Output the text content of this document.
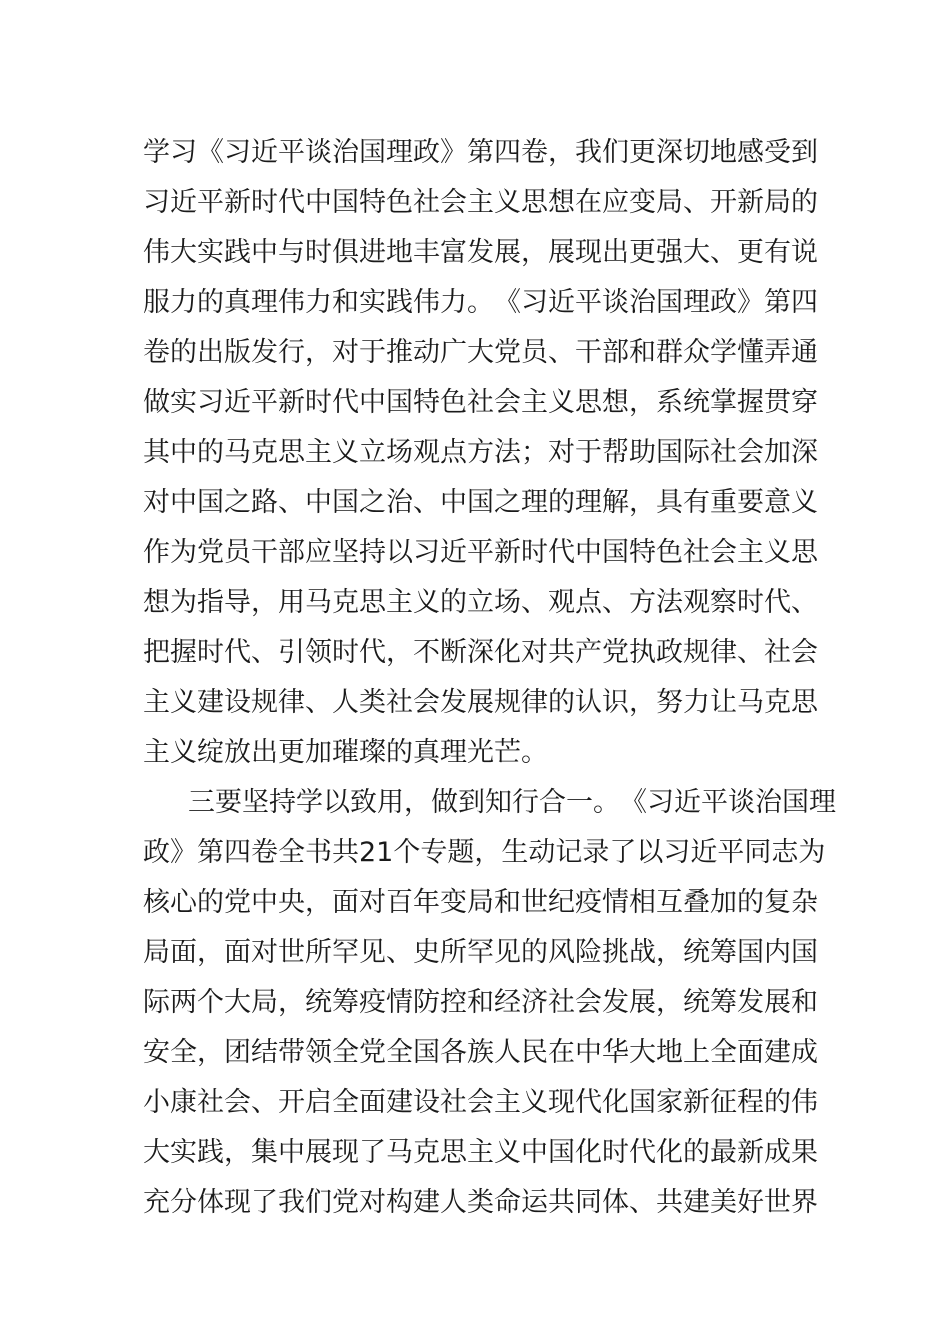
学 习 《 习 近 平 谈 治 国 理 政 》 第 四 卷 ， 我 们 更 深 切 地 感 受 到
习 近 平 新 时 代 中 国 特 色 社 会 主 义 思 想 在 应 变 局 、 开 新 局 的
伟 大 实 践 中 与 时 俱 进 地 丰 富 发 展 ， 展 现 出 更 强 大 、 更 有 说
服 力 的 真 理 伟 力 和 实 践 伟 力 。 《 习 近 平 谈 治 国 理 政 》 第 四
卷 的 出 版 发 行 ， 对 于 推 动 广 大 党 员 、 干 部 和 群 众 学 懂 弄 通
做 实 习 近 平 新 时 代 中 国 特 色 社 会 主 义 思 想 ， 系 统 掌 握 贯 穿
其 中 的 马 克 思 主 义 立 场 观 点 方 法 ； 对 于 帮 助 国 际 社 会 加 深
对 中 国 之 路 、 中 国 之 治 、 中 国 之 理 的 理 解 ， 具 有 重 要 意 义
作 为 党 员 干 部 应 坚 持 以 习 近 平 新 时 代 中 国 特 色 社 会 主 义 思
想 为 指 导 ， 用 马 克 思 主 义 的 立 场 、 观 点 、 方 法 观 察 时 代 、
把 握 时 代 、 引 领 时 代 ， 不 断 深 化 对 共 产 党 执 政 规 律 、 社 会
主 义 建 设 规 律 、 人 类 社 会 发 展 规 律 的 认 识 ， 努 力 让 马 克 思
主义绽放出更加璀璨的真理光芒。
三 要 坚 持 学 以 致 用 ， 做 到 知 行 合 一 。 《 习 近 平 谈 治 国 理
政 》 第 四 卷 全 书 共 21 个 专 题 ， 生 动 记 录 了 以 习 近 平 同 志 为
核 心 的 党 中 央 ， 面 对 百 年 变 局 和 世 纪 疫 情 相 互 叠 加 的 复 杂
局 面 ， 面 对 世 所 罕 见 、 史 所 罕 见 的 风 险 挑 战 ， 统 筹 国 内 国
际 两 个 大 局 ， 统 筹 疫 情 防 控 和 经 济 社 会 发 展 ， 统 筹 发 展 和
安 全 ， 团 结 带 领 全 党 全 国 各 族 人 民 在 中 华 大 地 上 全 面 建 成
小 康 社 会 、 开 启 全 面 建 设 社 会 主 义 现 代 化 国 家 新 征 程 的 伟
大 实 践 ， 集 中 展 现 了 马 克 思 主 义 中 国 化 时 代 化 的 最 新 成 果
充 分 体 现 了 我 们 党 对 构 建 人 类 命 运 共 同 体 、 共 建 美 好 世 界
